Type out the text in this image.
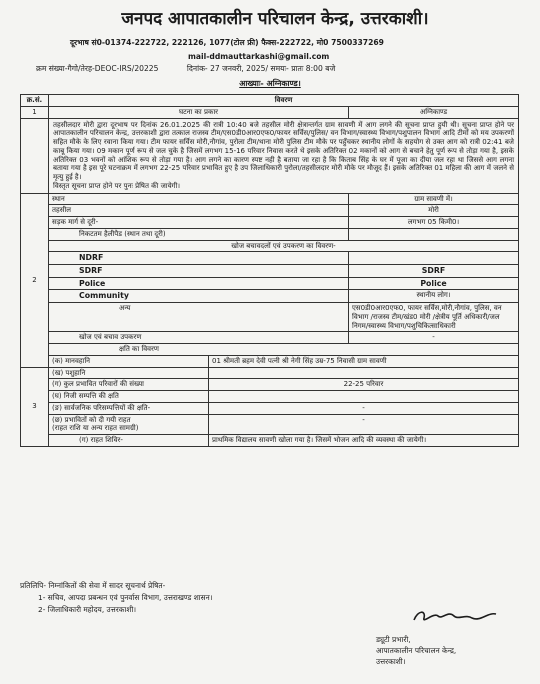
जनपद आपातकालीन परिचालन केन्द्र, उत्तरकाशी।
दूरभाष सं0-01374-222722, 222126, 1077(टोल फ्री) फैक्स-222722, मो0 7500337269
mail-ddmauttarkashi@gmail.com
क्रम संख्या-गैगो/तेरह-DEOC-IRS/20225	दिनांक- 27 जनवरी, 2025/ समयः- प्रातः 8:00 बजे
आख्याः- अग्निकाण्ड।
क्र.सं.	विवरण		
1	घटना का प्रकार		अग्निकाण्ड
	तहसीलदार मोरी द्वारा दूरभाष पर दिनांक 26.01.2025 की रात्री 10:40 बजे तहसील मोरी क्षेत्रान्तर्गत ग्राम सावणी में आग लगने की सूचना प्राप्त हुयी थी। सूचना प्राप्त होने पर आपातकालीन परिचालन केन्द्र, उत्तरकाशी द्वारा तत्काल राजस्व टीम/एस0डी0आर0एफ0/फायर सर्विस/पुलिस/ वन विभाग/स्वास्थ्य विभाग/पशुपालन विभाग आदि टीमों को मय उपकरणों सहित मौके के लिए रवाना किया गया। टीम फायर सर्विस मोरी,नौगांव, पुरोला टीम/थाना मोरी पुलिस टीम मौके पर पहुँचकर स्थानीय लोगों के सहयोग से उक्त आग को रात्री 02:41 बजे काबू किया गया। 09 मकान पूर्ण रूप से जल चुके है जिसमें लगभग 15-16 परिवार निवास करते थे इसके अतिरिक्त 02 मकानों को आग से बचाने हेतु पूर्ण रूप से तोड़ा गया है, इसके अतिरिक्त 03 भवनों को आंशिक रूप से तोड़ा गया है। आग लगने का कारण स्पष्ट नही है बताया जा रहा है कि किताब सिंह के घर में पूजा का दीया जल रहा था जिससे आग लगना बताया गया है इस पूरे घटनाक्रम में लगभग 22-25 परिवार प्रभावित हुए है उप जिलाधिकारी पुरोला/तहसीलदार मोरी मौके पर मौजूद हैं। इसके अतिरिक्त 01 महिला की आग में जलने से मृत्यु हुई है।
विस्तृत सूचना प्राप्त होने पर पुनः प्रेषित की जायेगी।		
2	स्थान		ग्राम सावणी में।
	तहसील		मोरी
	सड़क मार्ग से दूरी-		लगभग 05 किमी0।
	निकटतम हैलीपैड (स्थान तथा दूरी)		
	खोज बचावदलों एवं उपकरण का विवरण-		
	NDRF		
	SDRF		SDRF
	Police		Police
	Community		स्थानीय लोग।
	अन्य		एस0डी0आर0एफ0, फायर सर्विस,मोरी,नौगांव, पुलिस, वन विभाग /राजस्व टीम/खंड0 मोरी /क्षेत्रीय पूर्ति अधिकारी/जल निगम/स्वास्थ्य विभाग/पशुचिकित्साधिकारी
	खोज एवं बचाव उपकरण		-
	क्षति का विवरण		
	(क) मानवहानि	01 श्रीमती ब्रहम देवी पत्नी श्री नेगी सिंह उम्र-75 निवासी ग्राम सावणी	
3	(ख) पशुहानि		
	(ग) कुल प्रभावित परिवारों की संख्या	22-25 परिवार	
	(घ) निजी सम्पत्ति की क्षति		
	(ङ) सार्वजनिक परिसम्पत्तियों की क्षति-	-	
	(छ) प्रभावितों को दी गयी राहत
(राहत राशि या अन्य राहत सामग्री)	-	
	(ग) राहत शिविर-	प्राथमिक विद्यालय सावणी खोला गया है। जिसमें भोजन आदि की व्यवस्था की जायेगी।	
प्रतिलिपि- निम्नांकितों की सेवा में सादर सूचनार्थ प्रेषित-
1- सचिव, आपदा प्रबन्धन एवं पुनर्वास विभाग, उत्तराखण्ड शासन।
2- जिलाधिकारी महोदय, उत्तरकाशी।
ड्यूटी प्रभारी,
आपातकालीन परिचालन केन्द्र,
उत्तरकाशी।
